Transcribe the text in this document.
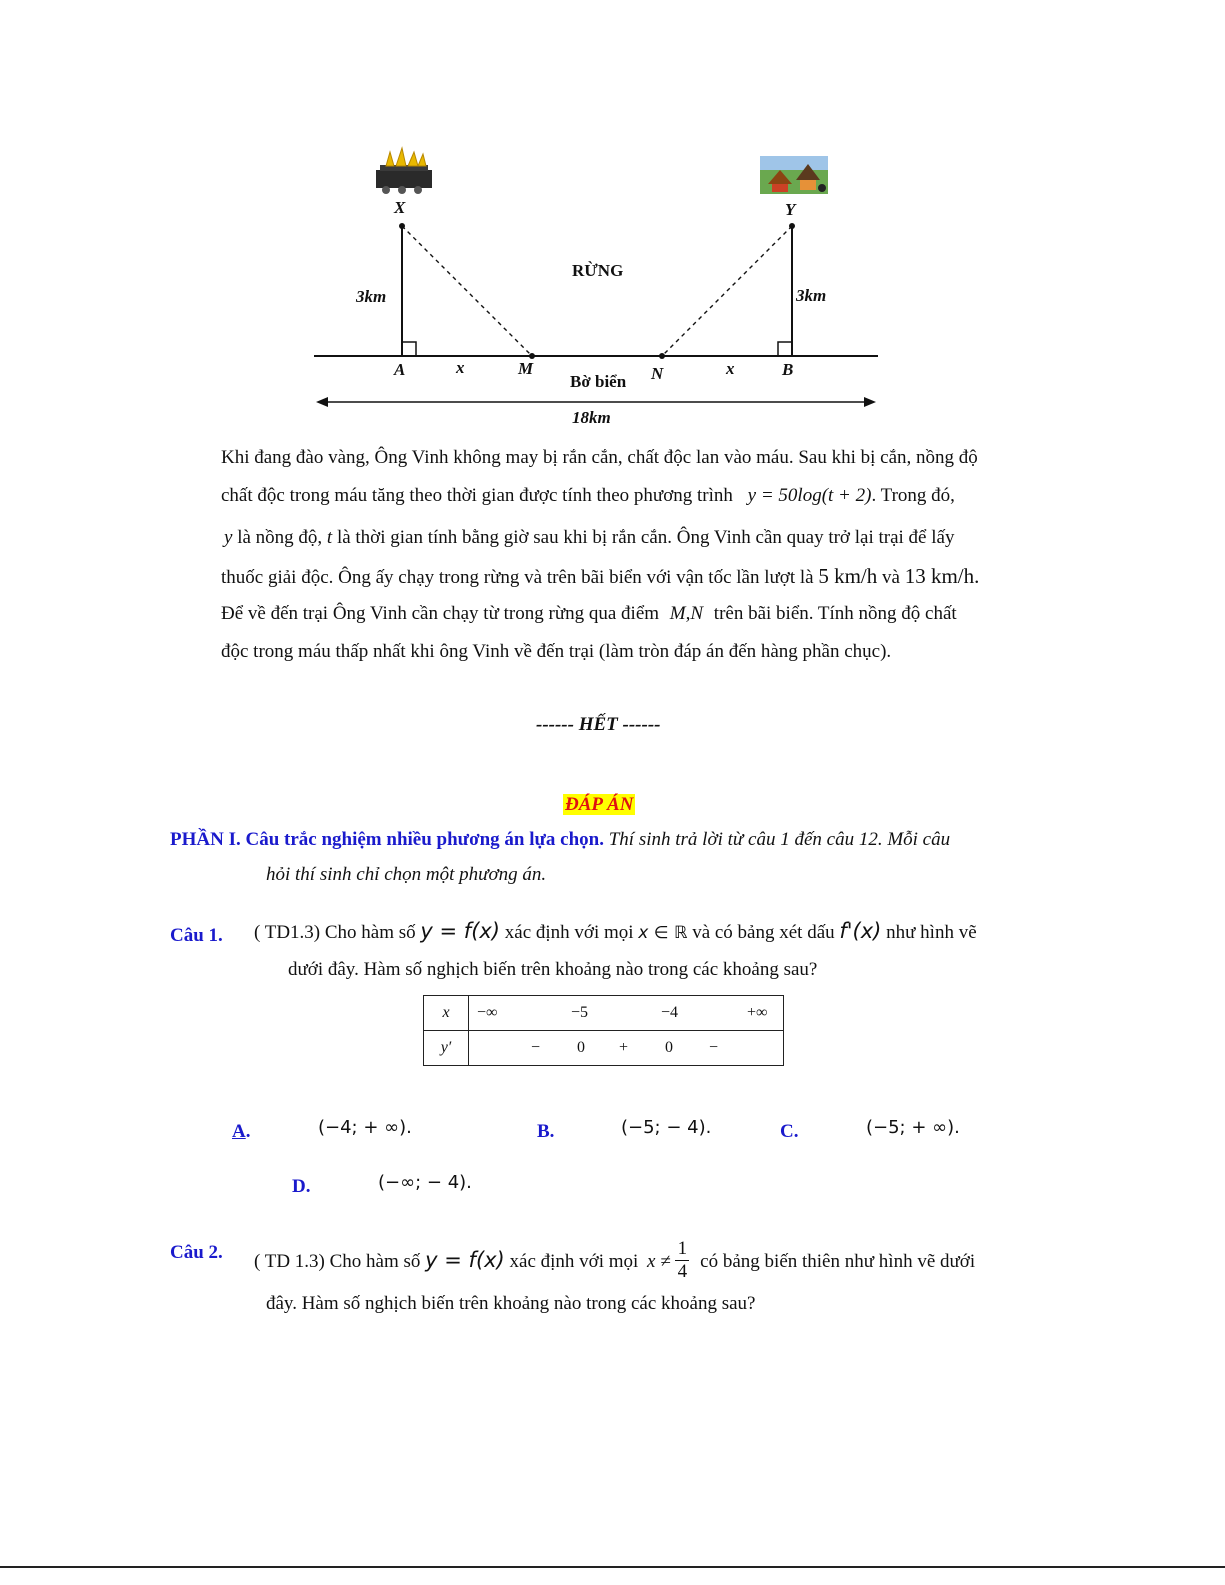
X	Y
RỪNG
3km	3km
A	x	M
Bờ biển N	x	B
18km
Khi đang đào vàng, Ông Vinh không may bị rắn cắn, chất độc lan vào máu. Sau khi bị cắn, nồng độ
chất độc trong máu tăng theo thời gian được tính theo phương trình y = 50log(t + 2). Trong đó,
y là nồng độ, t là thời gian tính bằng giờ sau khi bị rắn cắn. Ông Vinh cần quay trở lại trại để lấy
thuốc giải độc. Ông ấy chạy trong rừng và trên bãi biển với vận tốc lần lượt là 5 km/h và 13 km/h.
Để về đến trại Ông Vinh cần chạy từ trong rừng qua điểm M,N trên bãi biển. Tính nồng độ chất
độc trong máu thấp nhất khi ông Vinh về đến trại (làm tròn đáp án đến hàng phần chục).
------ HẾT ------
ĐÁP ÁN
PHẦN I. Câu trắc nghiệm nhiều phương án lựa chọn. Thí sinh trả lời từ câu 1 đến câu 12. Mỗi câu
hỏi thí sinh chỉ chọn một phương án.
Câu 1. ( TD1.3) Cho hàm số y = f(x) xác định với mọi x ∈ ℝ và có bảng xét dấu f'(x) như hình vẽ
dưới đây. Hàm số nghịch biến trên khoảng nào trong các khoảng sau?
x	−∞ −5 −4 +∞

y′	− 0 + 0 −
A.	(−4; + ∞).	B.	(−5; − 4).	C.	(−5; + ∞).
D.	(−∞; − 4).
Câu 2. ( TD 1.3) Cho hàm số y = f(x) xác định với mọi $x \ne \frac{1}{4}$ có bảng biến thiên như hình vẽ dưới
đây. Hàm số nghịch biến trên khoảng nào trong các khoảng sau?
